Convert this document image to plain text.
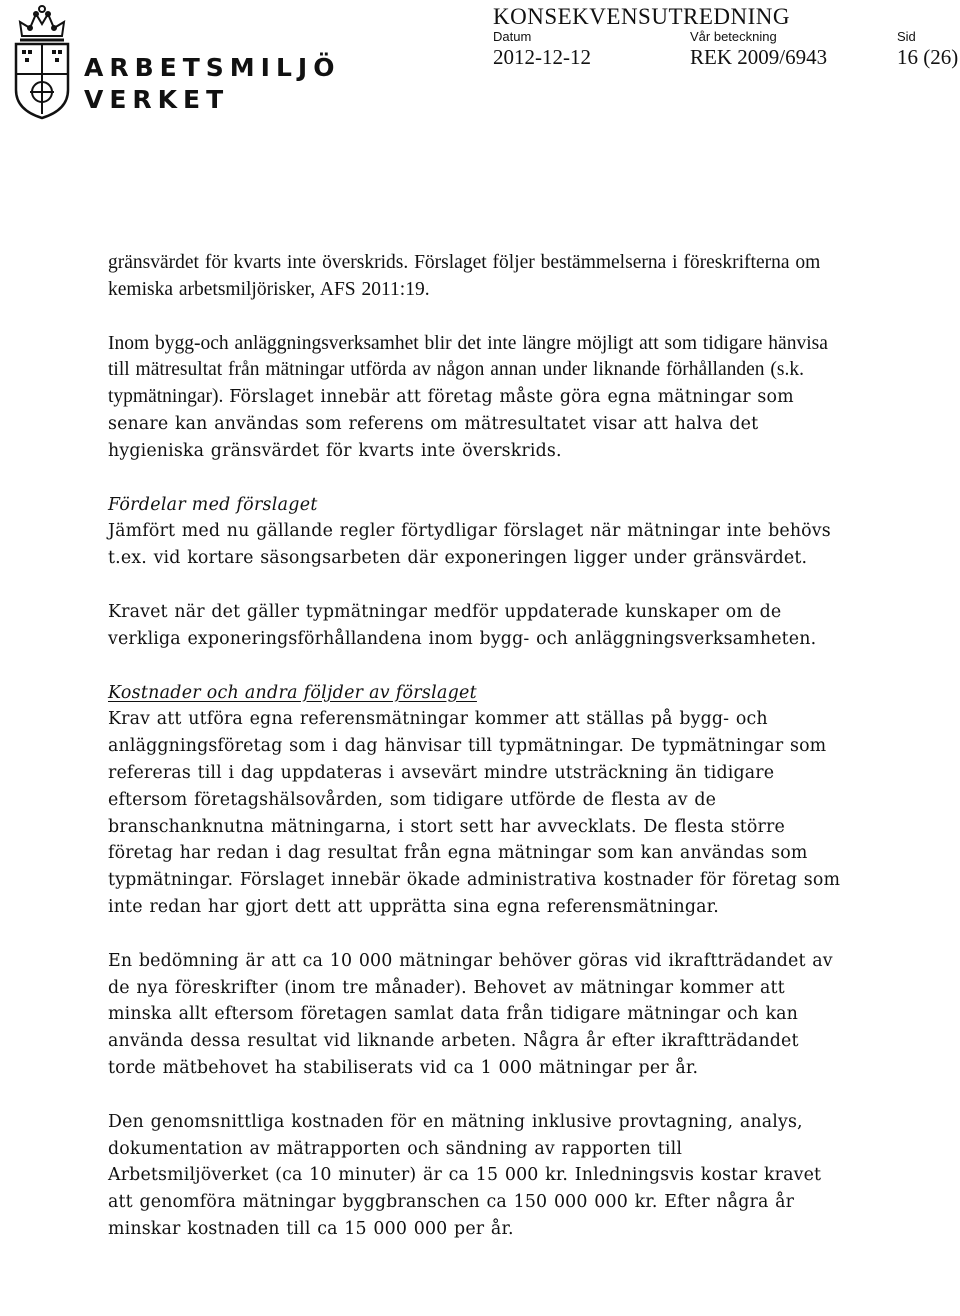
ARBETSMILJÖ
VERKET
KONSEKVENSUTREDNING
Datum	Vår beteckning	Sid
2012-12-12	REK 2009/6943	16 (26)

gränsvärdet för kvarts inte överskrids. Förslaget följer bestämmelserna i föreskrifterna om kemiska arbetsmiljörisker, AFS 2011:19.

Inom bygg-och anläggningsverksamhet blir det inte längre möjligt att som tidigare hänvisa till mätresultat från mätningar utförda av någon annan under liknande förhållanden (s.k. typmätningar). Förslaget innebär att företag måste göra egna mätningar som senare kan användas som referens om mätresultatet visar att halva det hygieniska gränsvärdet för kvarts inte överskrids.

Fördelar med förslaget

Jämfört med nu gällande regler förtydligar förslaget när mätningar inte behövs t.ex. vid kortare säsongsarbeten där exponeringen ligger under gränsvärdet.

Kravet när det gäller typmätningar medför uppdaterade kunskaper om de verkliga exponeringsförhållandena inom bygg- och anläggningsverksamheten.

Kostnader och andra följder av förslaget

Krav att utföra egna referensmätningar kommer att ställas på bygg- och anläggningsföretag som i dag hänvisar till typmätningar. De typmätningar som refereras till i dag uppdateras i avsevärt mindre utsträckning än tidigare eftersom företagshälsovården, som tidigare utförde de flesta av de branschanknutna mätningarna, i stort sett har avvecklats. De flesta större företag har redan i dag resultat från egna mätningar som kan användas som typmätningar. Förslaget innebär ökade administrativa kostnader för företag som inte redan har gjort dett att upprätta sina egna referensmätningar.

En bedömning är att ca 10 000 mätningar behöver göras vid ikraftträdandet av de nya föreskrifter (inom tre månader). Behovet av mätningar kommer att minska allt eftersom företagen samlat data från tidigare mätningar och kan använda dessa resultat vid liknande arbeten. Några år efter ikraftträdandet torde mätbehovet ha stabiliserats vid ca 1 000 mätningar per år.

Den genomsnittliga kostnaden för en mätning inklusive provtagning, analys, dokumentation av mätrapporten och sändning av rapporten till Arbetsmiljöverket (ca 10 minuter) är ca 15 000 kr. Inledningsvis kostar kravet att genomföra mätningar byggbranschen ca 150 000 000 kr. Efter några år minskar kostnaden till ca 15 000 000 per år.
